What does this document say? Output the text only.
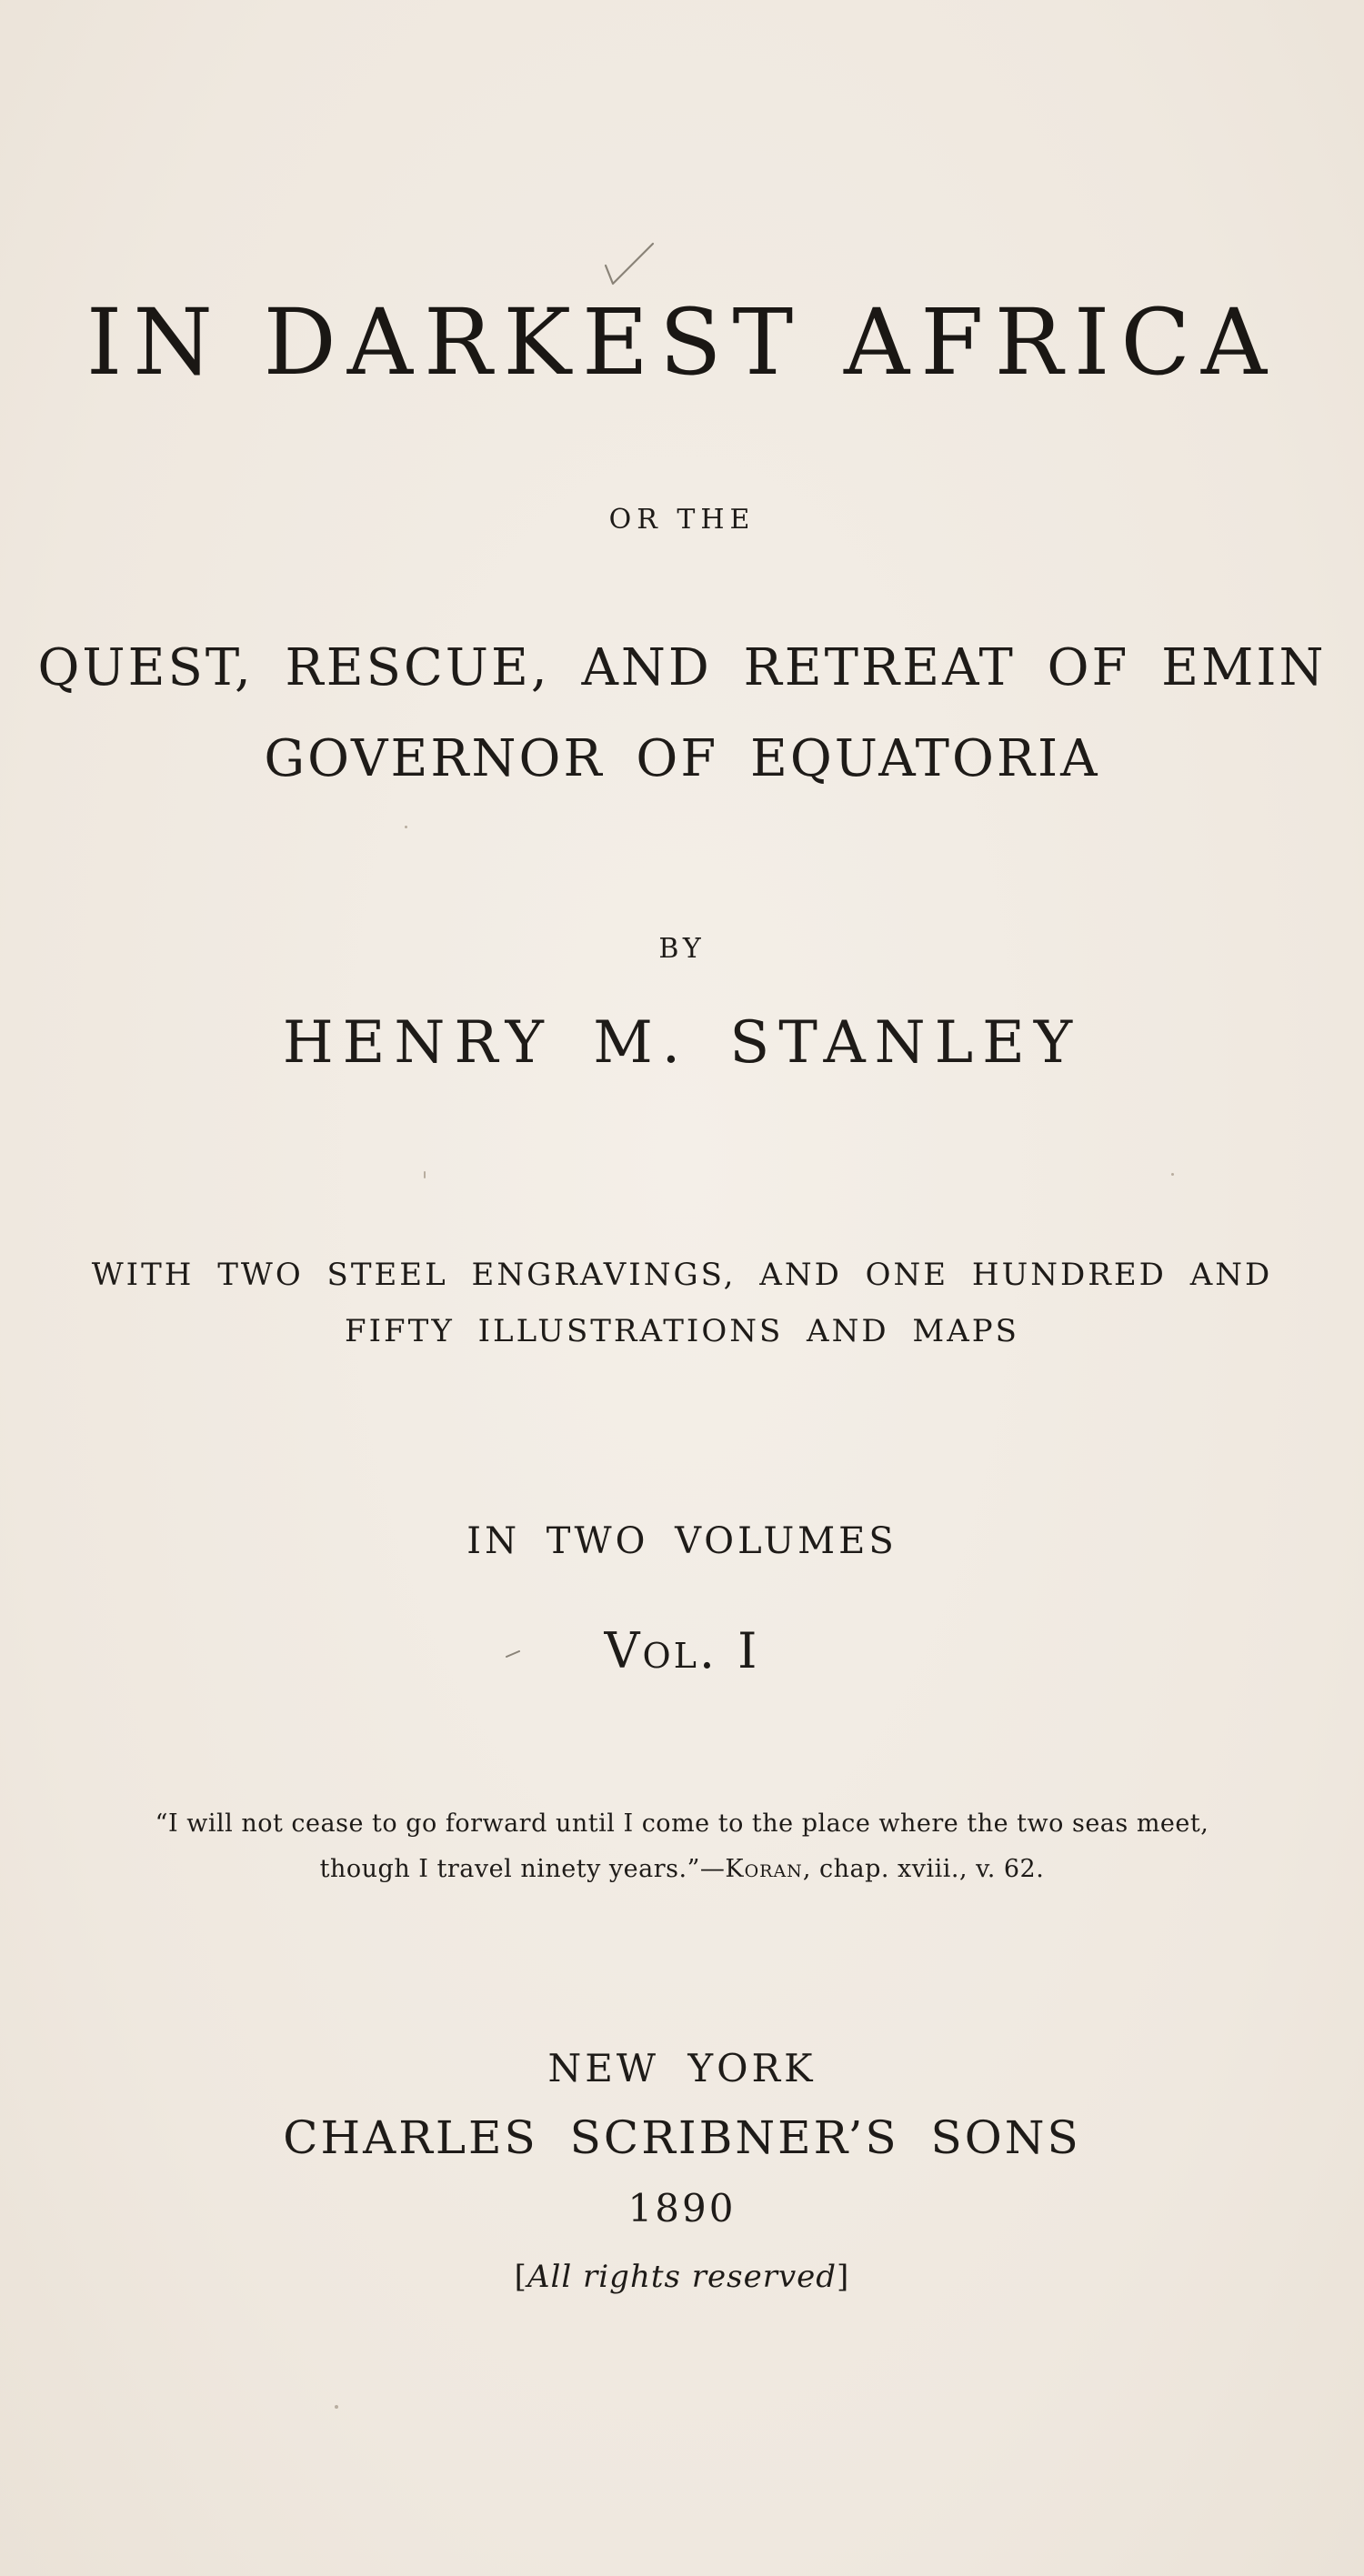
IN DARKEST AFRICA
OR THE
QUEST, RESCUE, AND RETREAT OF EMIN
GOVERNOR OF EQUATORIA
BY
HENRY M. STANLEY
WITH TWO STEEL ENGRAVINGS, AND ONE HUNDRED AND
FIFTY ILLUSTRATIONS AND MAPS
IN TWO VOLUMES
Vol. I
“I will not cease to go forward until I come to the place where the two seas meet,
though I travel ninety years.”—Koran, chap. xviii., v. 62.
NEW YORK
CHARLES SCRIBNER’S SONS
1890
[All rights reserved]
